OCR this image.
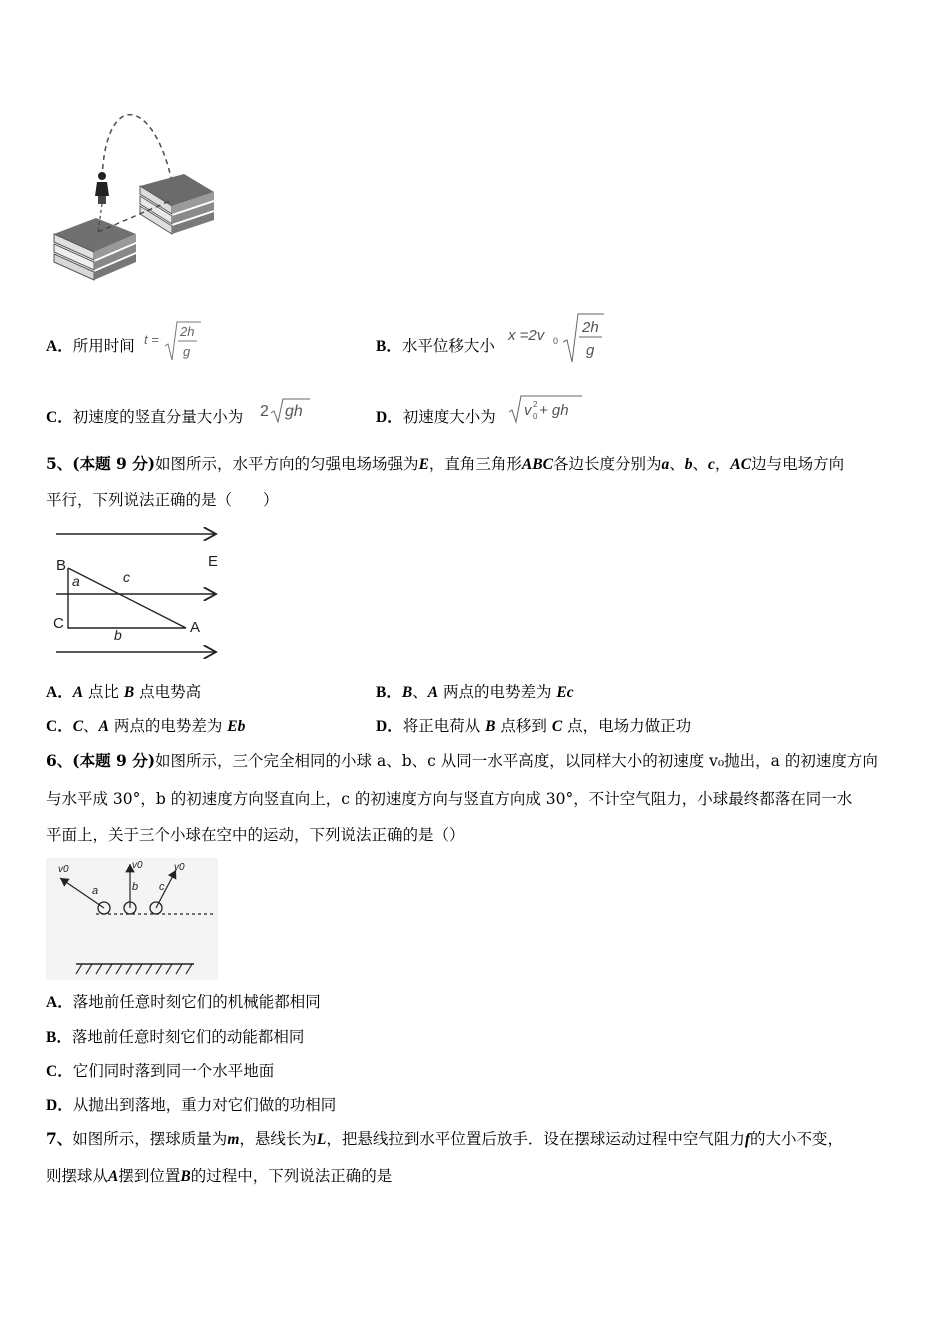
A．所用时间 t =
2h
g	B．水平位移大小
x =2v 0
2h
g
C．初速度的竖直分量大小为 2 gh	D．初速度大小为 v 0
2 + gh
5、(本题 9 分)如图所示，水平方向的匀强电场场强为E，直角三角形ABC各边长度分别为a、b、c，AC边与电场方向
平行，下列说法正确的是（　　）
B	E
a	c
C	A
b
A．A 点比 B 点电势高	B．B、A 两点的电势差为 Ec
C．C、A 两点的电势差为 Eb	D．将正电荷从 B 点移到 C 点，电场力做正功
6、(本题 9 分)如图所示，三个完全相同的小球 a、b、c 从同一水平高度，以同样大小的初速度 v₀抛出，a 的初速度方向
与水平成 30°，b 的初速度方向竖直向上，c 的初速度方向与竖直方向成 30°，不计空气阻力，小球最终都落在同一水
平面上，关于三个小球在空中的运动，下列说法正确的是（）
v0	v0	v0
a	b c
A．落地前任意时刻它们的机械能都相同
B．落地前任意时刻它们的动能都相同
C．它们同时落到同一个水平地面
D．从抛出到落地，重力对它们做的功相同
7、如图所示，摆球质量为m，悬线长为L，把悬线拉到水平位置后放手．设在摆球运动过程中空气阻力f的大小不变，
则摆球从A摆到位置B的过程中，下列说法正确的是
